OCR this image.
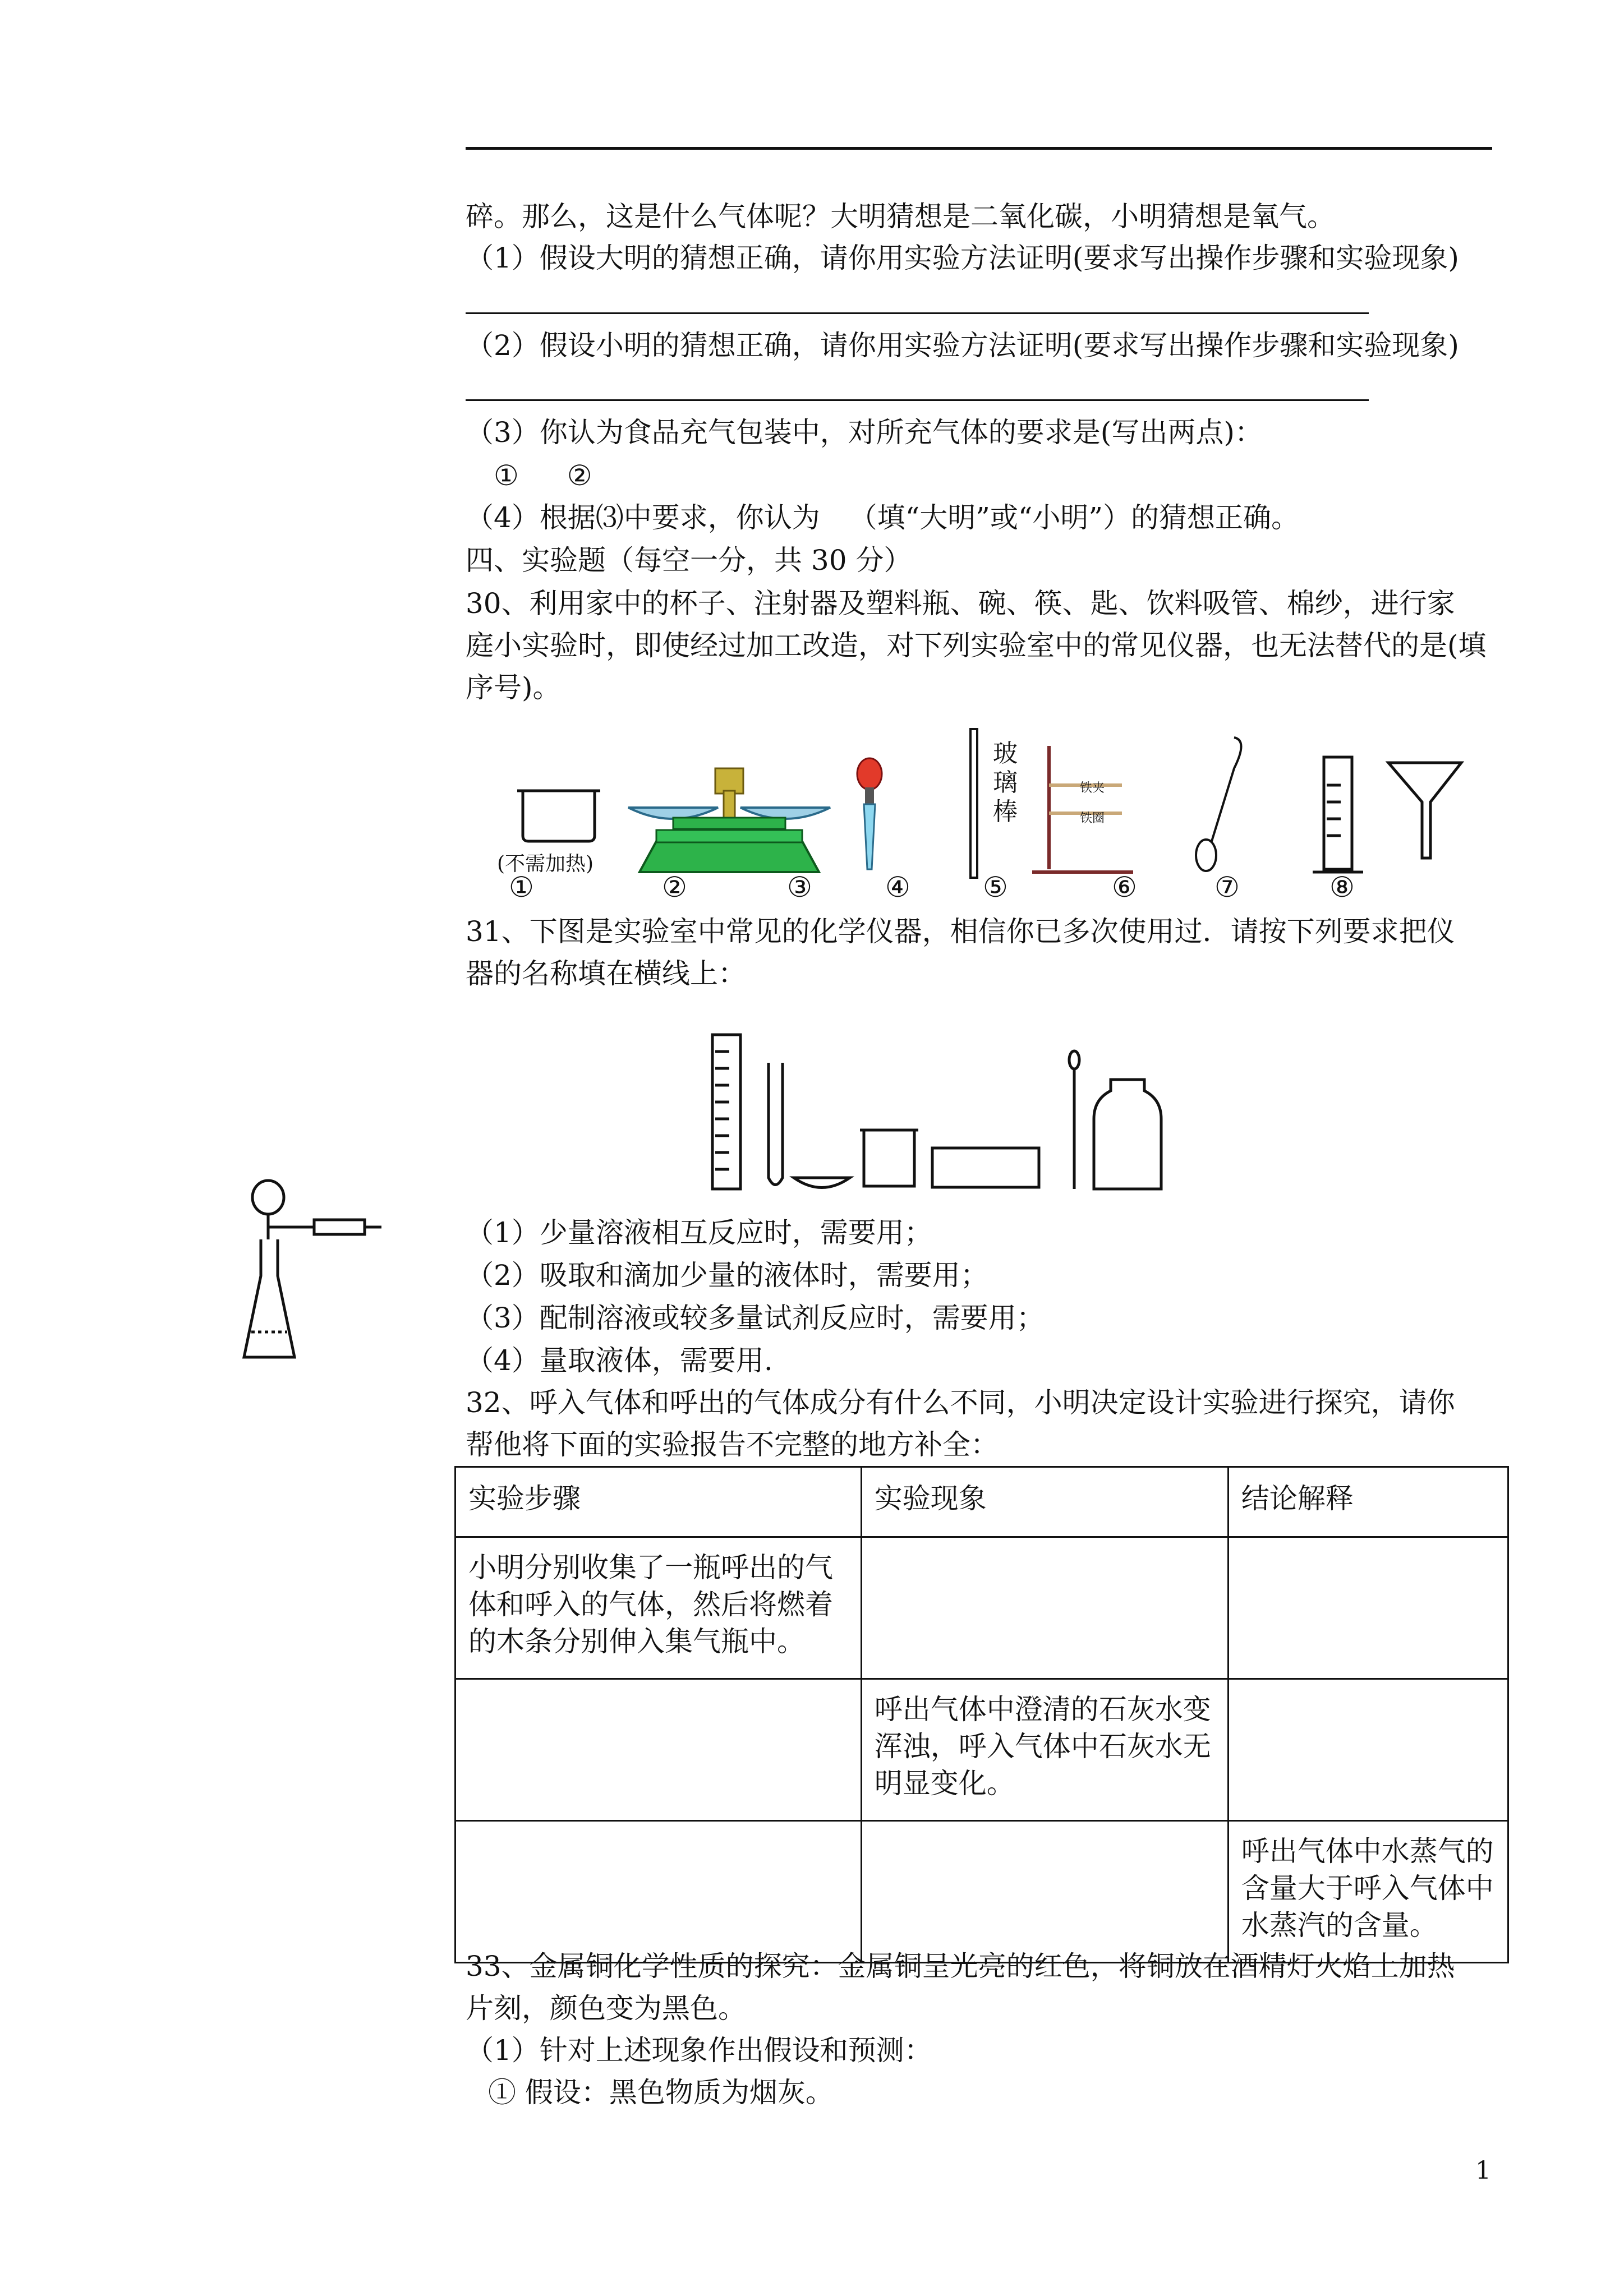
碎。那么，这是什么气体呢？大明猜想是二氧化碳，小明猜想是氧气。
（1）假设大明的猜想正确，请你用实验方法证明(要求写出操作步骤和实验现象)
（2）假设小明的猜想正确，请你用实验方法证明(要求写出操作步骤和实验现象)
（3）你认为食品充气包装中，对所充气体的要求是(写出两点)：
① ②
（4）根据⑶中要求，你认为 （填“大明”或“小明”）的猜想正确。
四、实验题（每空一分，共 30 分）
30、利用家中的杯子、注射器及塑料瓶、碗、筷、匙、饮料吸管、棉纱，进行家
庭小实验时，即使经过加工改造，对下列实验室中的常见仪器，也无法替代的是(填
序号)。
(不需加热)
玻璃棒
铁夹
铁圈
①	②	③	④	⑤	⑥	⑦	⑧
31、下图是实验室中常见的化学仪器，相信你已多次使用过．请按下列要求把仪
器的名称填在横线上：
（1）少量溶液相互反应时，需要用；
（2）吸取和滴加少量的液体时，需要用；
（3）配制溶液或较多量试剂反应时，需要用；
（4）量取液体，需要用.
32、呼入气体和呼出的气体成分有什么不同，小明决定设计实验进行探究，请你
帮他将下面的实验报告不完整的地方补全：
实验步骤	实验现象	结论解释
小明分别收集了一瓶呼出的气体和呼入的气体，然后将燃着的木条分别伸入集气瓶中。		
	呼出气体中澄清的石灰水变浑浊，呼入气体中石灰水无明显变化。	
		呼出气体中水蒸气的含量大于呼入气体中水蒸汽的含量。
33、金属铜化学性质的探究：金属铜呈光亮的红色，将铜放在酒精灯火焰上加热
片刻，颜色变为黑色。
（1）针对上述现象作出假设和预测：
① 假设：黑色物质为烟灰。
1
